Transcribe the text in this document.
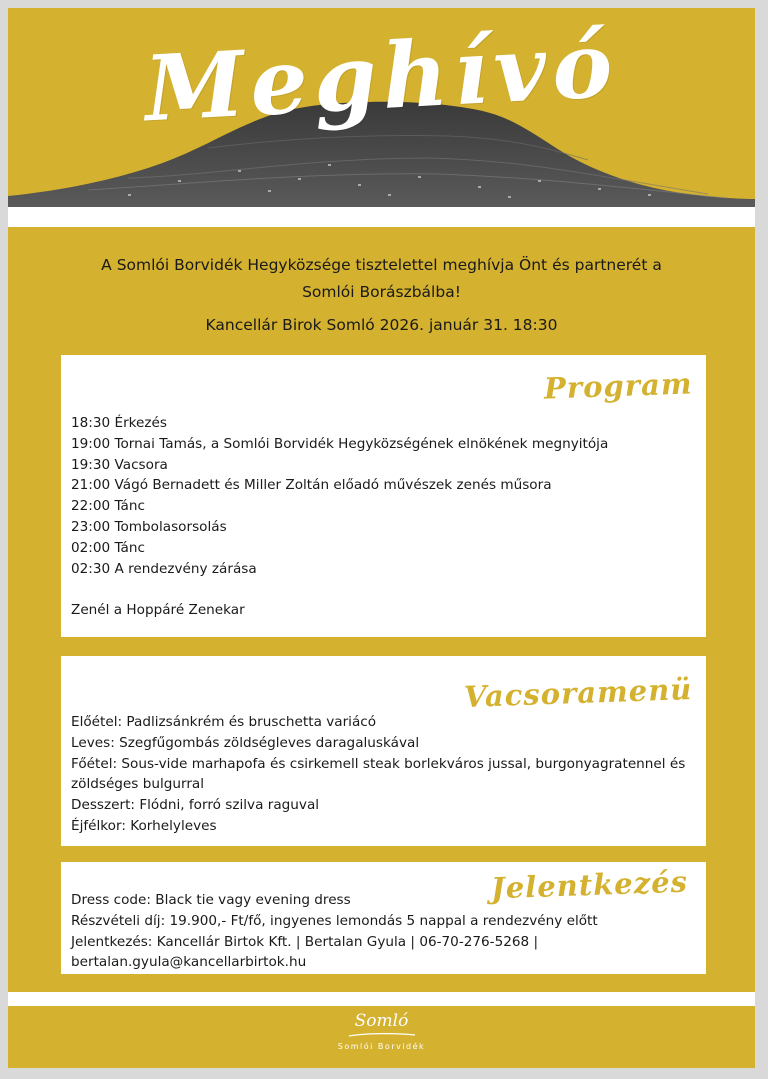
Meghívó
A Somlói Borvidék Hegyközsége tisztelettel meghívja Önt és partnerét a
Somlói Borászbálba!
Kancellár Birok Somló 2026. január 31. 18:30
Program
18:30 Érkezés
19:00 Tornai Tamás, a Somlói Borvidék Hegyközségének elnökének megnyitója
19:30 Vacsora
21:00 Vágó Bernadett és Miller Zoltán előadó művészek zenés műsora
22:00 Tánc
23:00 Tombolasorsolás
02:00 Tánc
02:30 A rendezvény zárása
Zenél a Hoppáré Zenekar
Vacsoramenü
Előétel: Padlizsánkrém és bruschetta variácó
Leves: Szegfűgombás zöldségleves daragaluskával
Főétel: Sous-vide marhapofa és csirkemell steak borlekváros jussal, burgonyagratennel és zöldséges bulgurral
Desszert: Flódni, forró szilva raguval
Éjfélkor: Korhelyleves
Jelentkezés
Dress code: Black tie vagy evening dress
Részvételi díj: 19.900,- Ft/fő, ingyenes lemondás 5 nappal a rendezvény előtt
Jelentkezés: Kancellár Birtok Kft. | Bertalan Gyula | 06-70-276-5268 |
bertalan.gyula@kancellarbirtok.hu
Somló
Somlói Borvidék
